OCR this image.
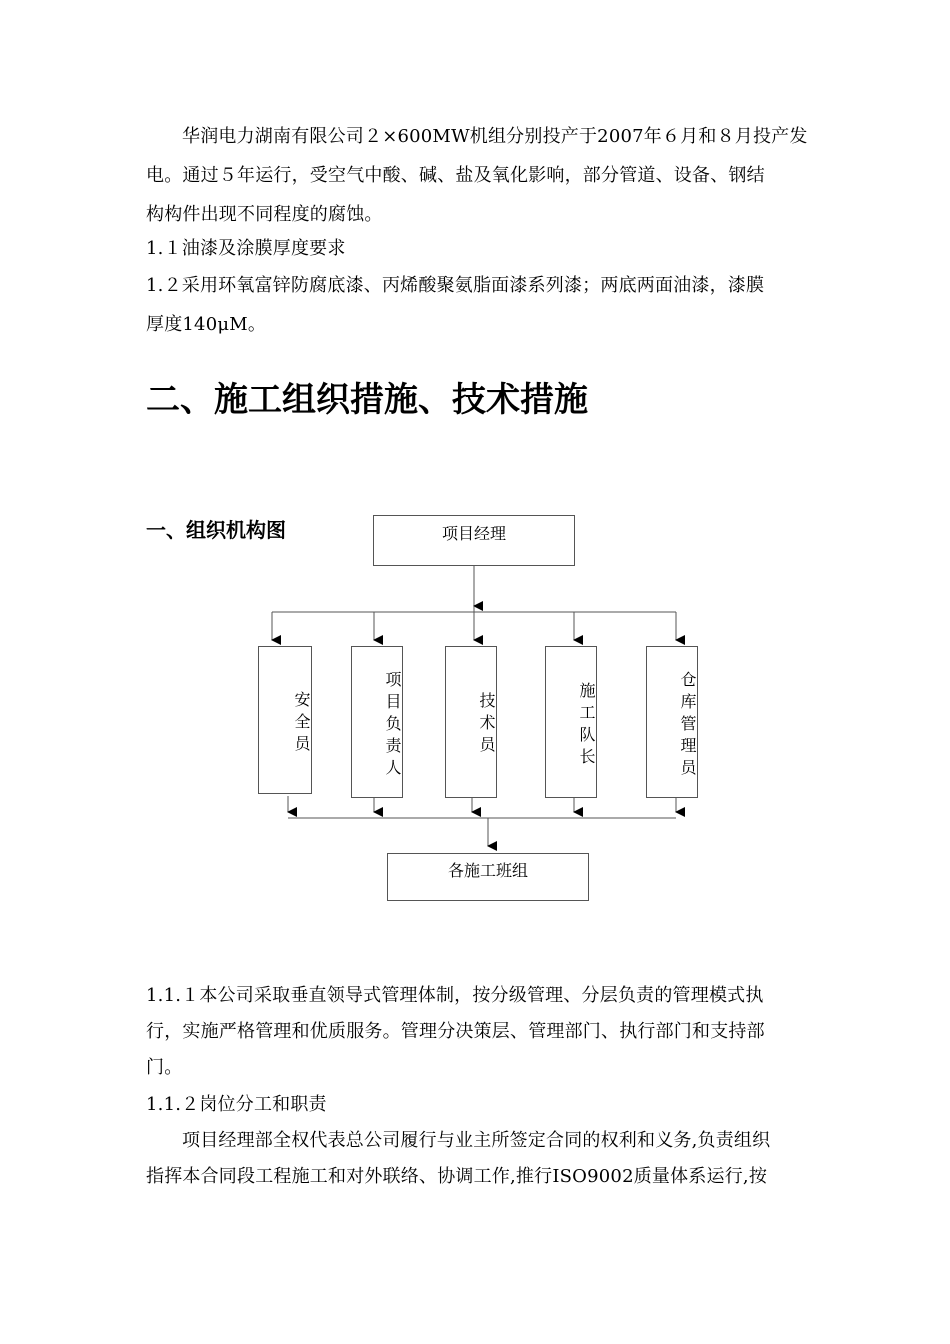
华润电力湖南有限公司２×600MW机组分别投产于2007年６月和８月投产发
电。通过５年运行，受空气中酸、碱、盐及氧化影响，部分管道、设备、钢结
构构件出现不同程度的腐蚀。
1.１油漆及涂膜厚度要求
1.２采用环氧富锌防腐底漆、丙烯酸聚氨脂面漆系列漆；两底两面油漆，漆膜
厚度140μM。
二、施工组织措施、技术措施
一、组织机构图	项目经理
安全员	项目负责人	技术员	施工队长	仓库管理员
各施工班组
1.1.１本公司采取垂直领导式管理体制，按分级管理、分层负责的管理模式执
行，实施严格管理和优质服务。管理分决策层、管理部门、执行部门和支持部
门。
1.1.２岗位分工和职责
项目经理部全权代表总公司履行与业主所签定合同的权利和义务,负责组织
指挥本合同段工程施工和对外联络、协调工作,推行ISO9002质量体系运行,按
